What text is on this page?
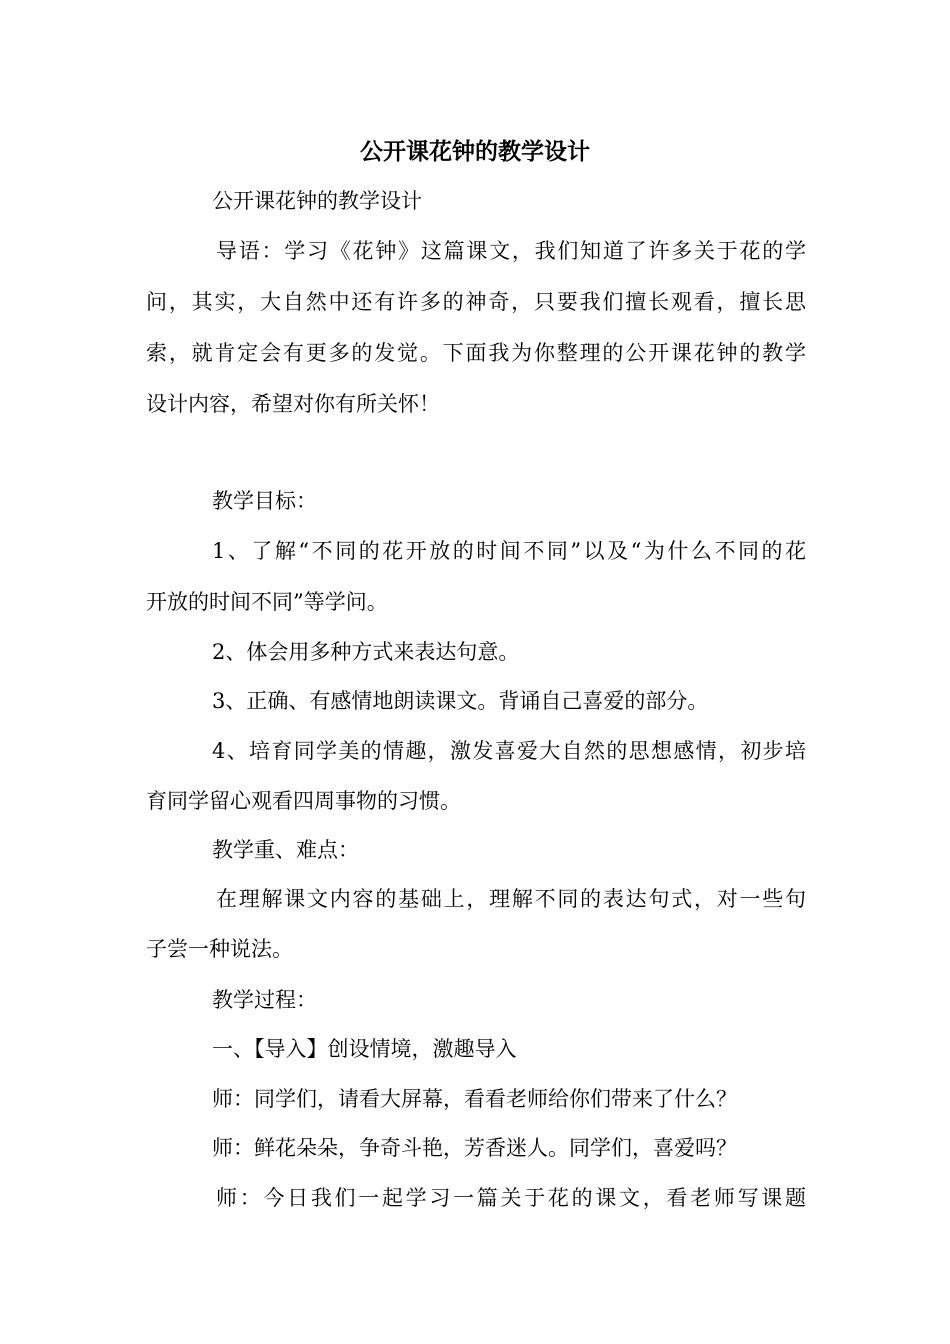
公开课花钟的教学设计
公开课花钟的教学设计
导语：学习《花钟》这篇课文，我们知道了许多关于花的学
问，其实，大自然中还有许多的神奇，只要我们擅长观看，擅长思
索，就肯定会有更多的发觉。下面我为你整理的公开课花钟的教学
设计内容，希望对你有所关怀！
教学目标：
1、了解“不同的花开放的时间不同”以及“为什么不同的花
开放的时间不同”等学问。
2、体会用多种方式来表达句意。
3、正确、有感情地朗读课文。背诵自己喜爱的部分。
4、培育同学美的情趣，激发喜爱大自然的思想感情，初步培
育同学留心观看四周事物的习惯。
教学重、难点：
在理解课文内容的基础上，理解不同的表达句式，对一些句
子尝一种说法。
教学过程：
一、【导入】创设情境，激趣导入
师：同学们，请看大屏幕，看看老师给你们带来了什么？
师：鲜花朵朵，争奇斗艳，芳香迷人。同学们，喜爱吗？
师：今日我们一起学习一篇关于花的课文，看老师写课题
